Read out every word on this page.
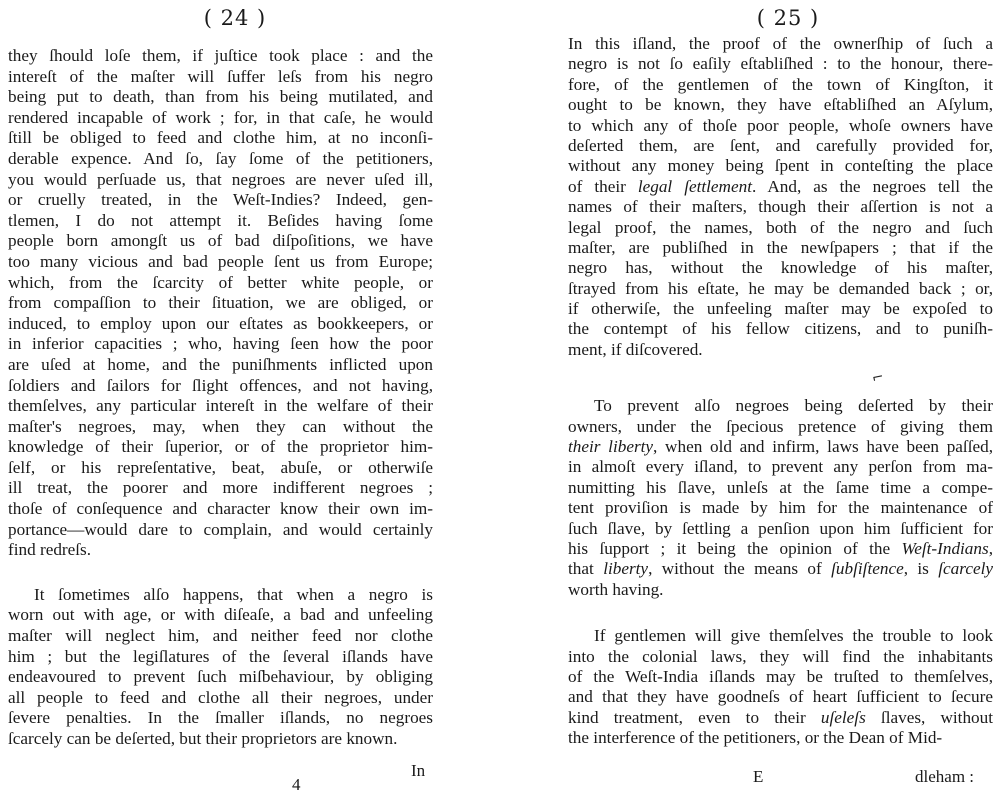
( 24 )
they ſhould loſe them, if juſtice took place : and the
intereſt of the maſter will ſuffer leſs from his negro
being put to death, than from his being mutilated, and
rendered incapable of work ; for, in that caſe, he would
ſtill be obliged to feed and clothe him, at no inconſi-
derable expence. And ſo, ſay ſome of the petitioners,
you would perſuade us, that negroes are never uſed ill,
or cruelly treated, in the Weſt-Indies? Indeed, gen-
tlemen, I do not attempt it. Beſides having ſome
people born amongſt us of bad diſpoſitions, we have
too many vicious and bad people ſent us from Europe;
which, from the ſcarcity of better white people, or
from compaſſion to their ſituation, we are obliged, or
induced, to employ upon our eſtates as bookkeepers, or
in inferior capacities ; who, having ſeen how the poor
are uſed at home, and the puniſhments inflicted upon
ſoldiers and ſailors for ſlight offences, and not having,
themſelves, any particular intereſt in the welfare of their
maſter's negroes, may, when they can without the
knowledge of their ſuperior, or of the proprietor him-
ſelf, or his repreſentative, beat, abuſe, or otherwiſe
ill treat, the poorer and more indifferent negroes ;
thoſe of conſequence and character know their own im-
portance—would dare to complain, and would certainly
find redreſs.
It ſometimes alſo happens, that when a negro is
worn out with age, or with diſeaſe, a bad and unfeeling
maſter will neglect him, and neither feed nor clothe
him ; but the legiſlatures of the ſeveral iſlands have
endeavoured to prevent ſuch miſbehaviour, by obliging
all people to feed and clothe all their negroes, under
ſevere penalties. In the ſmaller iſlands, no negroes
ſcarcely can be deſerted, but their proprietors are known.
4
In
( 25 )
In this iſland, the proof of the ownerſhip of ſuch a
negro is not ſo eaſily eſtabliſhed : to the honour, there-
fore, of the gentlemen of the town of Kingſton, it
ought to be known, they have eſtabliſhed an Aſylum,
to which any of thoſe poor people, whoſe owners have
deſerted them, are ſent, and carefully provided for,
without any money being ſpent in conteſting the place
of their legal ſettlement. And, as the negroes tell the
names of their maſters, though their aſſertion is not a
legal proof, the names, both of the negro and ſuch
maſter, are publiſhed in the newſpapers ; that if the
negro has, without the knowledge of his maſter,
ſtrayed from his eſtate, he may be demanded back ; or,
if otherwiſe, the unfeeling maſter may be expoſed to
the contempt of his fellow citizens, and to puniſh-
ment, if diſcovered.
To prevent alſo negroes being deſerted by their
owners, under the ſpecious pretence of giving them
their liberty, when old and infirm, laws have been paſſed,
in almoſt every iſland, to prevent any perſon from ma-
numitting his ſlave, unleſs at the ſame time a compe-
tent proviſion is made by him for the maintenance of
ſuch ſlave, by ſettling a penſion upon him ſufficient for
his ſupport ; it being the opinion of the Weſt-Indians,
that liberty, without the means of ſubſiſtence, is ſcarcely
worth having.
If gentlemen will give themſelves the trouble to look
into the colonial laws, they will find the inhabitants
of the Weſt-India iſlands may be truſted to themſelves,
and that they have goodneſs of heart ſufficient to ſecure
kind treatment, even to their uſeleſs ſlaves, without
the interference of the petitioners, or the Dean of Mid-
⌐
E	dleham :
